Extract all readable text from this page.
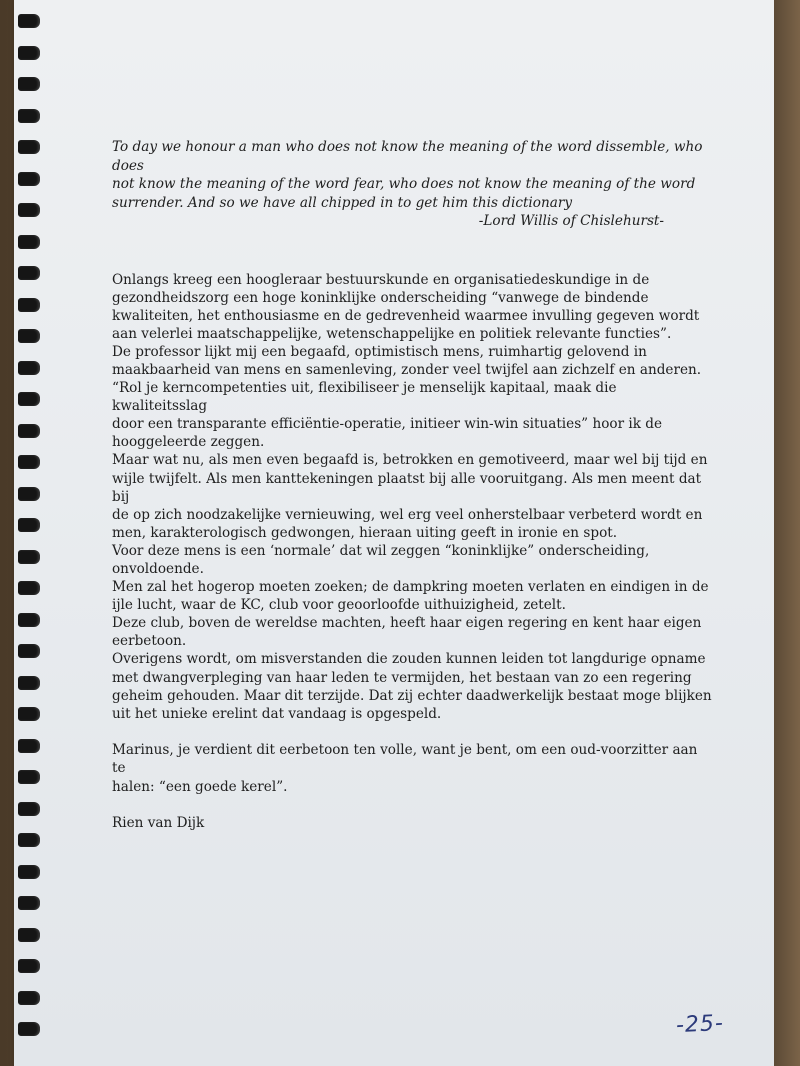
To day we honour a man who does not know the meaning of the word dissemble, who does
not know the meaning of the word fear, who does not know the meaning of the word
surrender. And so we have all chipped in to get him this dictionary
-Lord Willis of Chislehurst-

Onlangs kreeg een hoogleraar bestuurskunde en organisatiedeskundige in de

gezondheidszorg een hoge koninklijke onderscheiding “vanwege de bindende

kwaliteiten, het enthousiasme en de gedrevenheid waarmee invulling gegeven wordt

aan velerlei maatschappelijke, wetenschappelijke en politiek relevante functies”.

De professor lijkt mij een begaafd, optimistisch mens, ruimhartig gelovend in

maakbaarheid van mens en samenleving, zonder veel twijfel aan zichzelf en anderen.

“Rol je kerncompetenties uit, flexibiliseer je menselijk kapitaal, maak die kwaliteitsslag

door een transparante efficiëntie-operatie, initieer win-win situaties” hoor ik de

hooggeleerde zeggen.

Maar wat nu, als men even begaafd is, betrokken en gemotiveerd, maar wel bij tijd en

wijle twijfelt. Als men kanttekeningen plaatst bij alle vooruitgang. Als men meent dat bij

de op zich noodzakelijke vernieuwing, wel erg veel onherstelbaar verbeterd wordt en

men, karakterologisch gedwongen, hieraan uiting geeft in ironie en spot.

Voor deze mens is een ‘normale’ dat wil zeggen “koninklijke” onderscheiding,

onvoldoende.

Men zal het hogerop moeten zoeken; de dampkring moeten verlaten en eindigen in de

ijle lucht, waar de KC, club voor geoorloofde uithuizigheid, zetelt.

Deze club, boven de wereldse machten, heeft haar eigen regering en kent haar eigen

eerbetoon.

Overigens wordt, om misverstanden die zouden kunnen leiden tot langdurige opname

met dwangverpleging van haar leden te vermijden, het bestaan van zo een regering

geheim gehouden. Maar dit terzijde. Dat zij echter daadwerkelijk bestaat moge blijken

uit het unieke erelint dat vandaag is opgespeld.

Marinus, je verdient dit eerbetoon ten volle, want je bent, om een oud-voorzitter aan te
halen: “een goede kerel”.
Rien van Dijk
-25-
